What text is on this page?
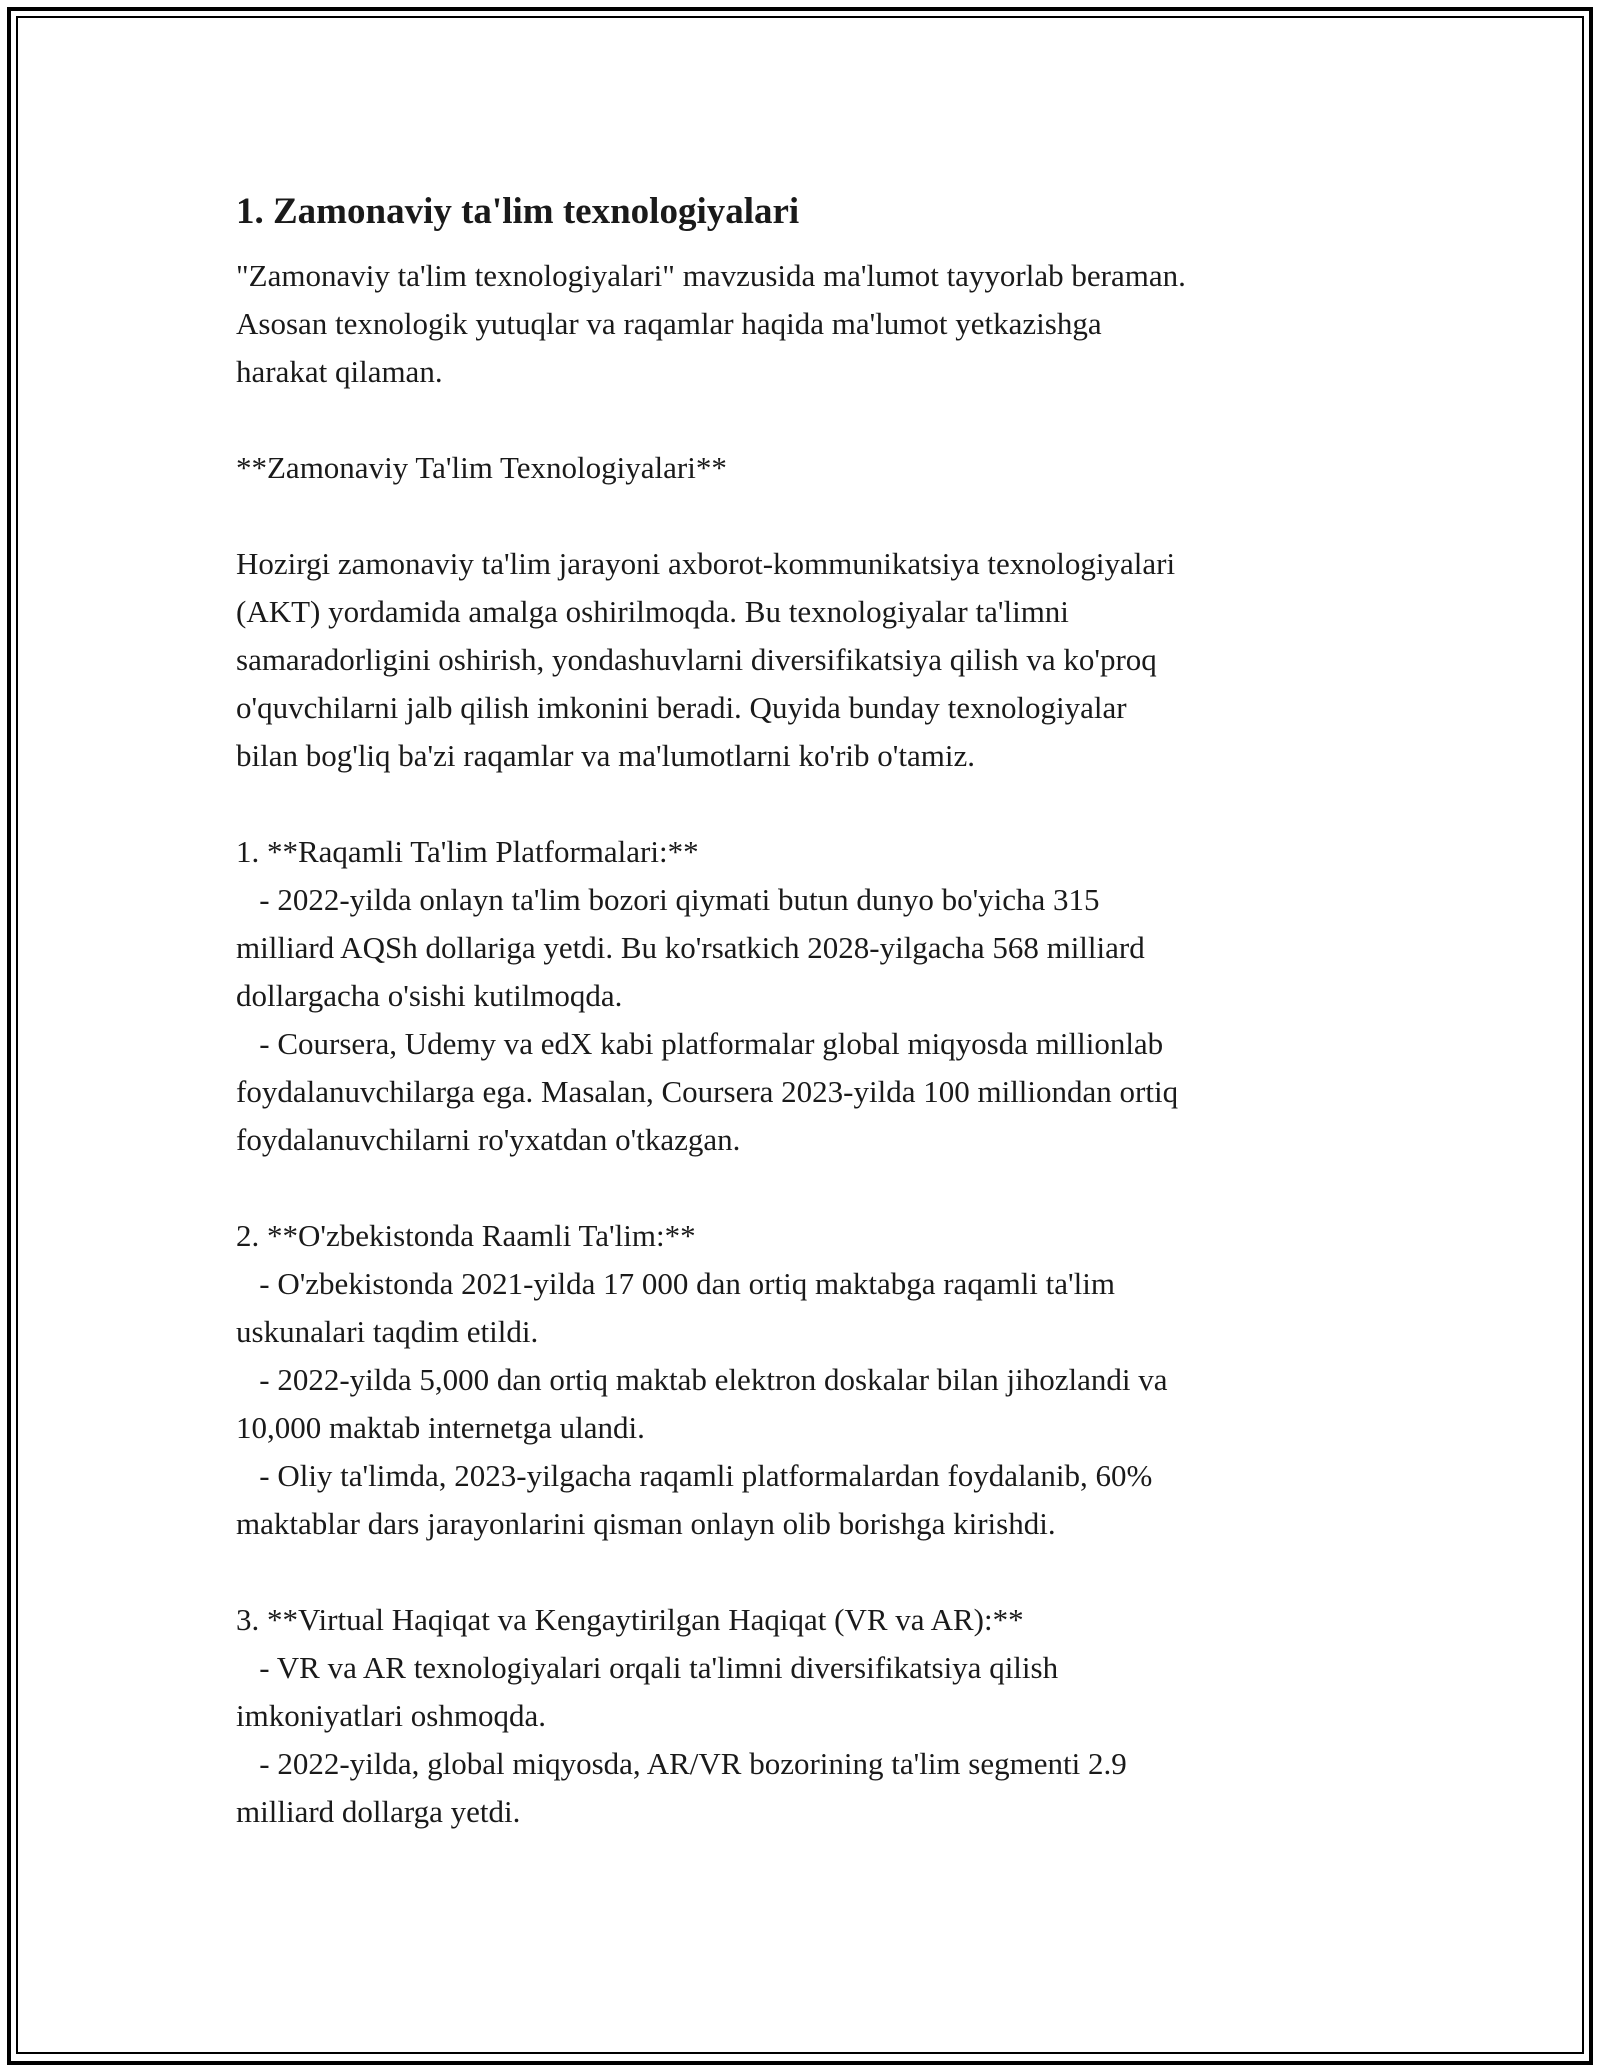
1. Zamonaviy ta'lim texnologiyalari

"Zamonaviy ta'lim texnologiyalari" mavzusida ma'lumot tayyorlab beraman.
Asosan texnologik yutuqlar va raqamlar haqida ma'lumot yetkazishga
harakat qilaman.

**Zamonaviy Ta'lim Texnologiyalari**

Hozirgi zamonaviy ta'lim jarayoni axborot-kommunikatsiya texnologiyalari
(AKT) yordamida amalga oshirilmoqda. Bu texnologiyalar ta'limni
samaradorligini oshirish, yondashuvlarni diversifikatsiya qilish va ko'proq
o'quvchilarni jalb qilish imkonini beradi. Quyida bunday texnologiyalar
bilan bog'liq ba'zi raqamlar va ma'lumotlarni ko'rib o'tamiz.

1. **Raqamli Ta'lim Platformalari:**

- 2022-yilda onlayn ta'lim bozori qiymati butun dunyo bo'yicha 315
milliard AQSh dollariga yetdi. Bu ko'rsatkich 2028-yilgacha 568 milliard
dollargacha o'sishi kutilmoqda.

- Coursera, Udemy va edX kabi platformalar global miqyosda millionlab
foydalanuvchilarga ega. Masalan, Coursera 2023-yilda 100 milliondan ortiq
foydalanuvchilarni ro'yxatdan o'tkazgan.

2. **O'zbekistonda Raamli Ta'lim:**

- O'zbekistonda 2021-yilda 17 000 dan ortiq maktabga raqamli ta'lim
uskunalari taqdim etildi.

- 2022-yilda 5,000 dan ortiq maktab elektron doskalar bilan jihozlandi va
10,000 maktab internetga ulandi.

- Oliy ta'limda, 2023-yilgacha raqamli platformalardan foydalanib, 60%
maktablar dars jarayonlarini qisman onlayn olib borishga kirishdi.

3. **Virtual Haqiqat va Kengaytirilgan Haqiqat (VR va AR):**

- VR va AR texnologiyalari orqali ta'limni diversifikatsiya qilish
imkoniyatlari oshmoqda.

- 2022-yilda, global miqyosda, AR/VR bozorining ta'lim segmenti 2.9
milliard dollarga yetdi.
